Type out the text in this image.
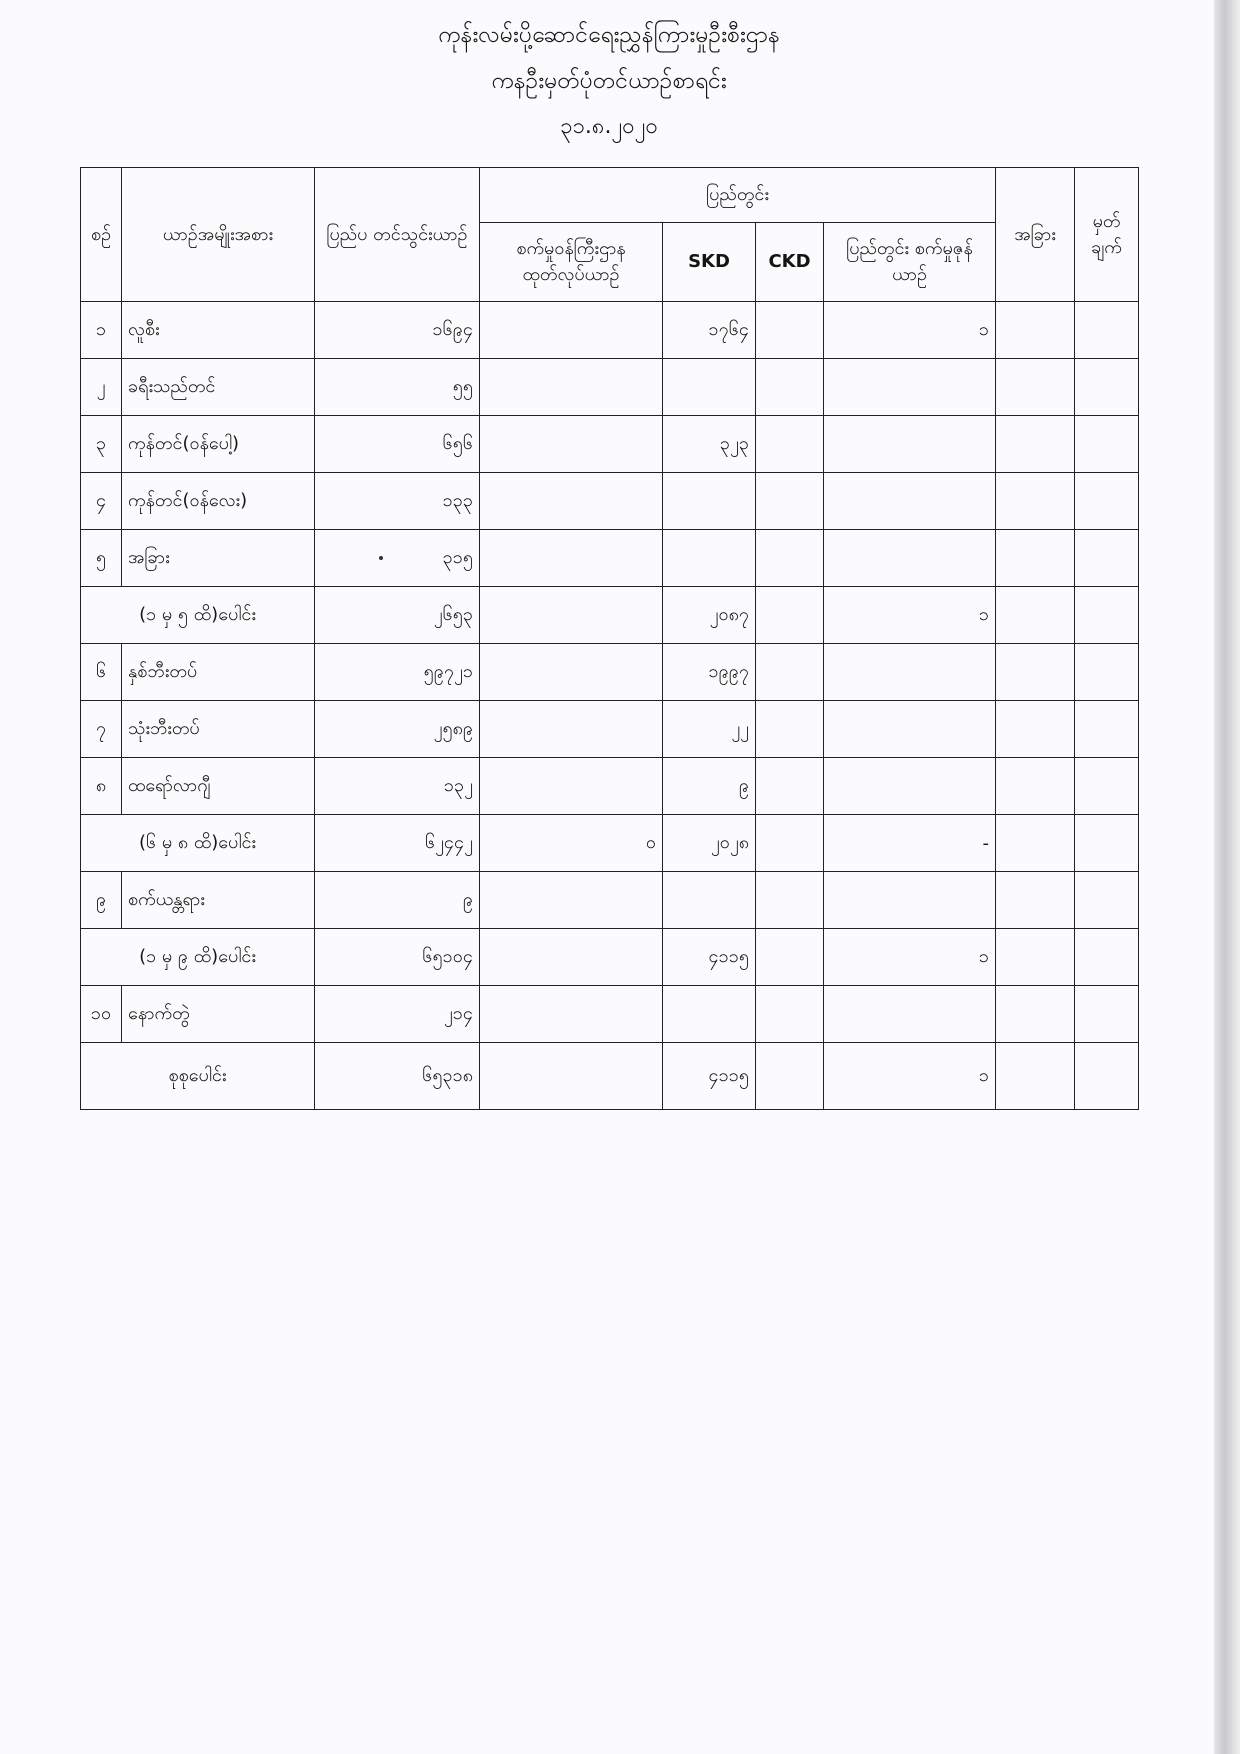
ကုန်းလမ်းပို့ဆောင်ရေးညွှန်ကြားမှုဦးစီးဌာန
ကနဦးမှတ်ပုံတင်ယာဉ်စာရင်း
၃၁.၈.၂၀၂၀
စဉ်	ယာဉ်အမျိုးအစား	ပြည်ပ တင်သွင်းယာဉ်	ပြည်တွင်း				အခြား	မှတ် ချက်
			စက်မှုဝန်ကြီးဌာန ထုတ်လုပ်ယာဉ်	SKD	CKD	ပြည်တွင်း စက်မှုဇုန်ယာဉ်		
၁	လူစီး	၁၆၉၄		၁၇၆၄		၁		
၂	ခရီးသည်တင်	၅၅						
၃	ကုန်တင်(ဝန်ပေါ့)	၆၅၆		၃၂၃				
၄	ကုန်တင်(ဝန်လေး)	၁၃၃						
၅	အခြား	၃၁၅						
(၁ မှ ၅ ထိ)ပေါင်း		၂၆၅၃		၂၀၈၇		၁		
၆	နှစ်ဘီးတပ်	၅၉၇၂၁		၁၉၉၇				
၇	သုံးဘီးတပ်	၂၅၈၉		၂၂				
၈	ထရော်လာဂျီ	၁၃၂		၉				
(၆ မှ ၈ ထိ)ပေါင်း		၆၂၄၄၂	၀	၂၀၂၈		-		
၉	စက်ယန္တရား	၉						
(၁ မှ ၉ ထိ)ပေါင်း		၆၅၁၀၄		၄၁၁၅		၁		
၁၀	နောက်တွဲ	၂၁၄						
စုစုပေါင်း		၆၅၃၁၈		၄၁၁၅		၁		
